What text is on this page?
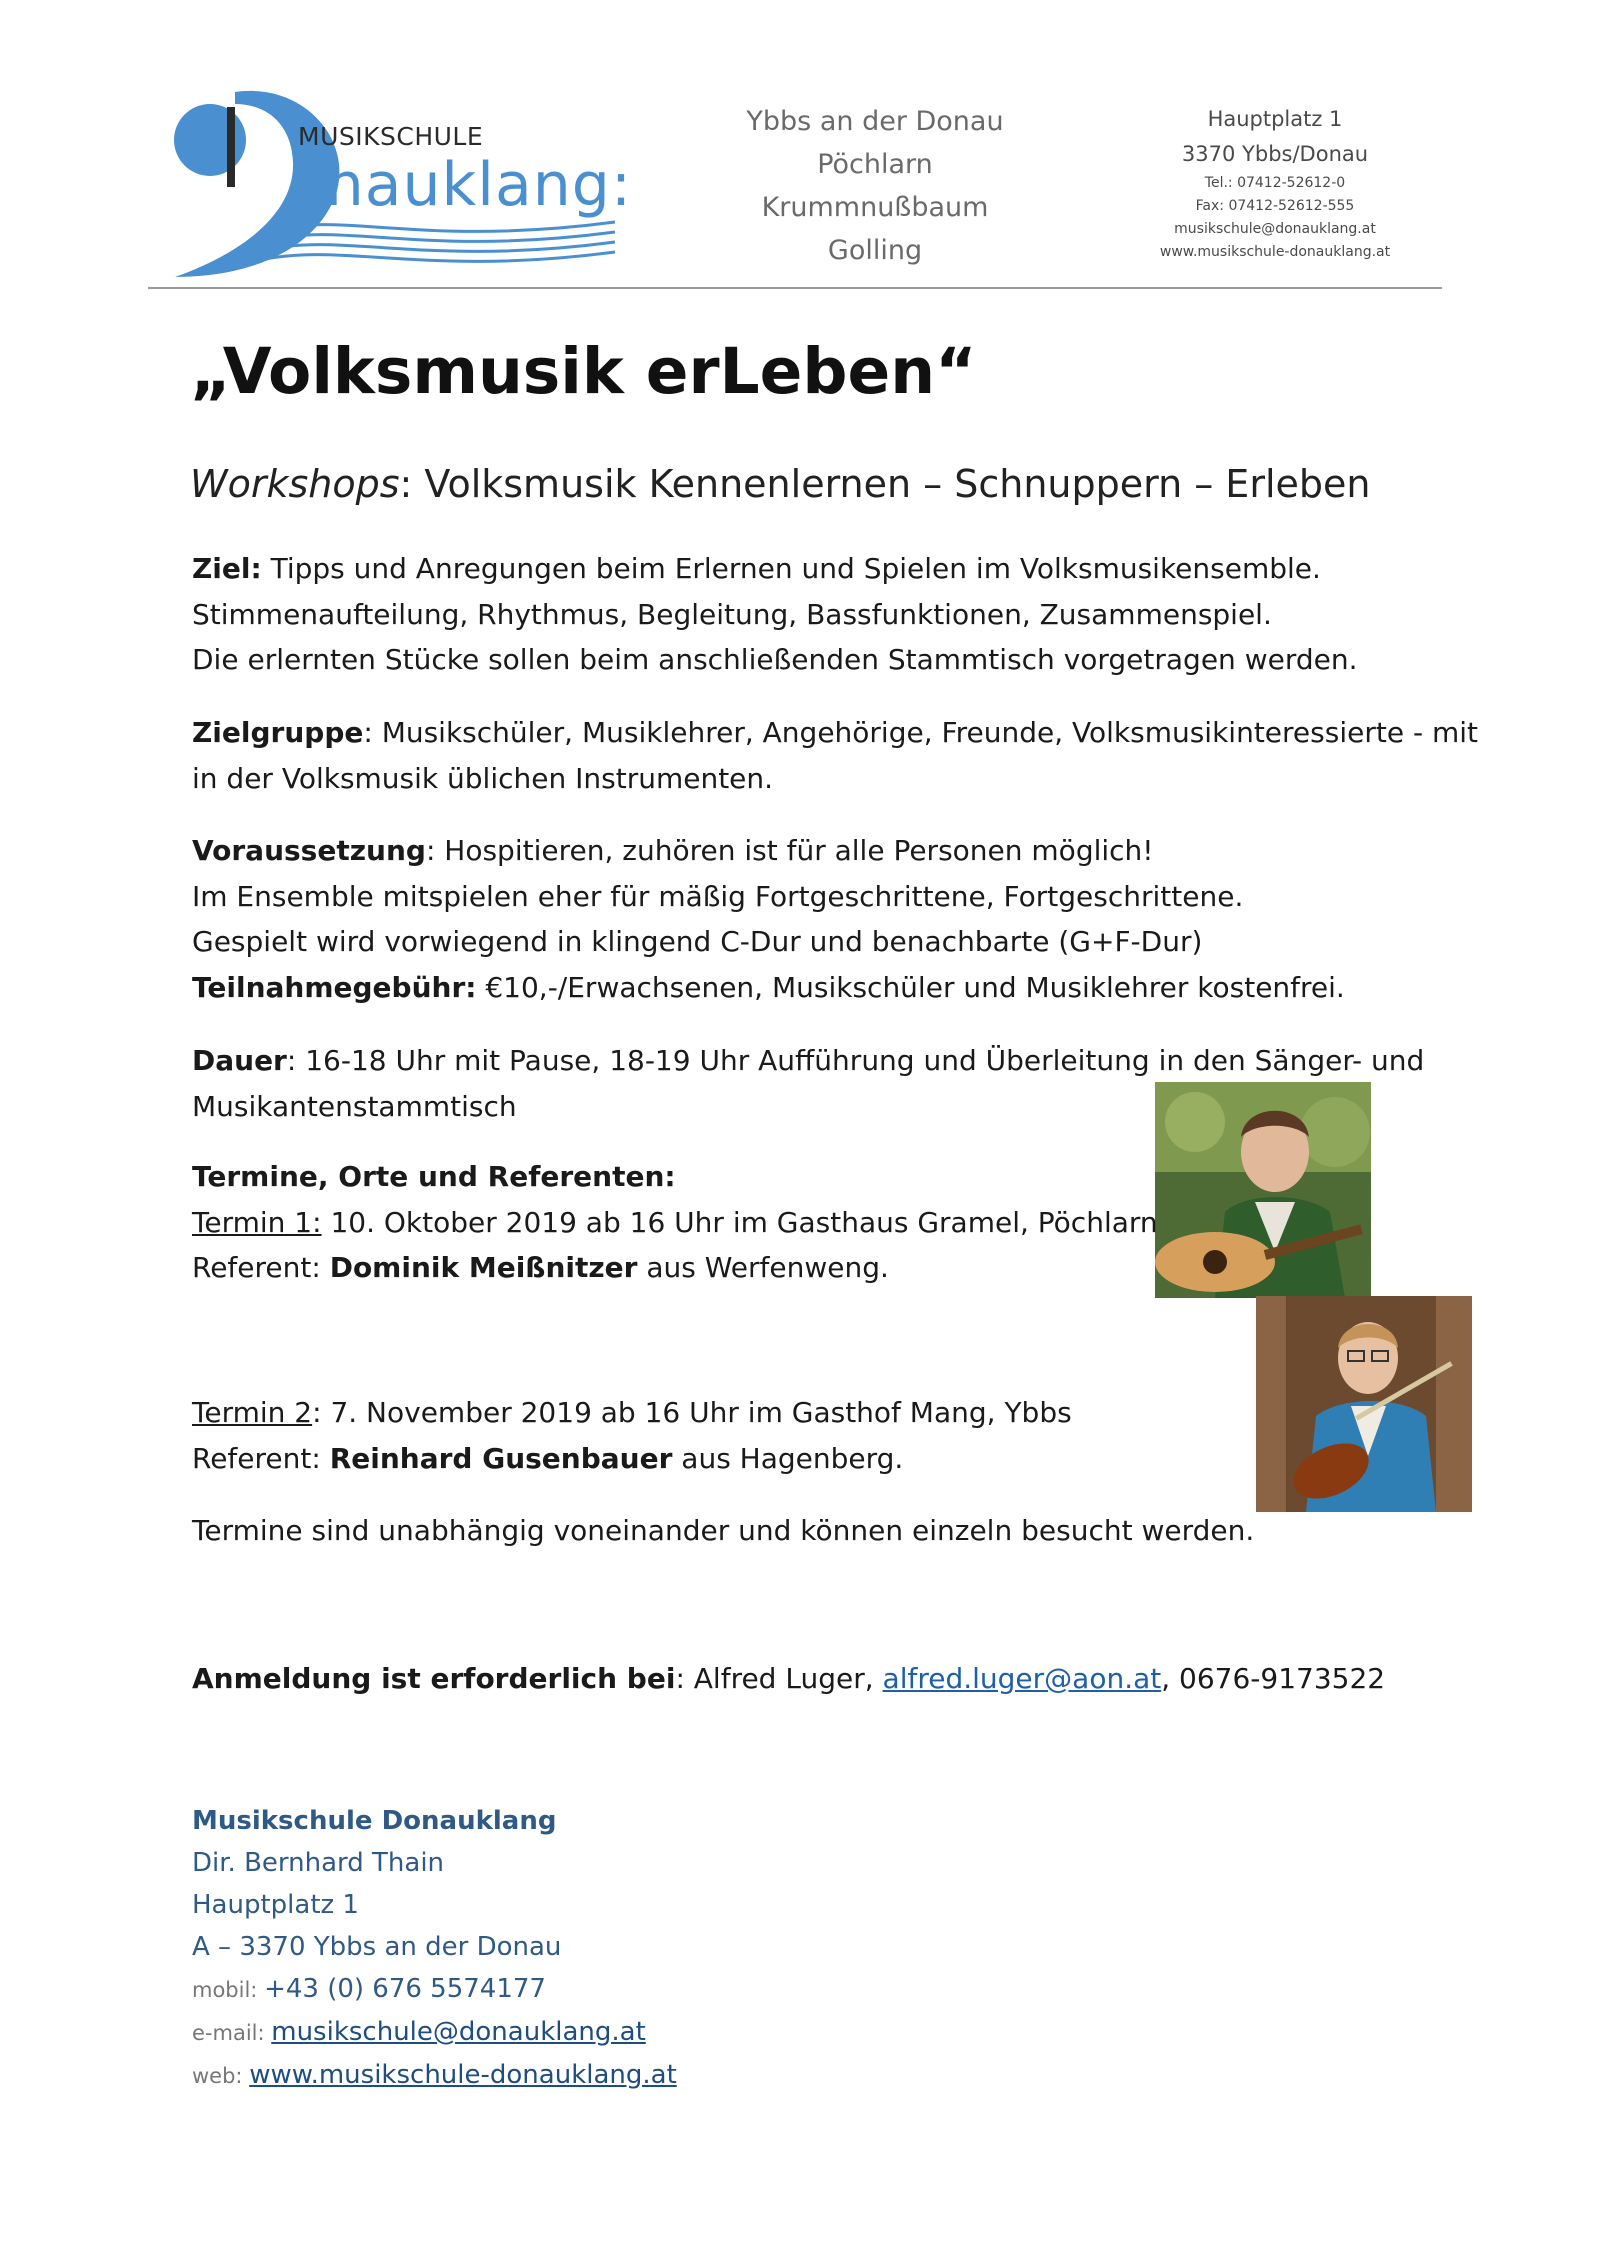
MUSIKSCHULE
onauklang:
Ybbs an der Donau
Pöchlarn
Krummnußbaum
Golling
Hauptplatz 1
3370 Ybbs/Donau
Tel.: 07412-52612-0
Fax: 07412-52612-555
musikschule@donauklang.at
www.musikschule-donauklang.at
„Volksmusik erLeben“
Workshops: Volksmusik Kennenlernen – Schnuppern – Erleben
Ziel: Tipps und Anregungen beim Erlernen und Spielen im Volksmusikensemble.
Stimmenaufteilung, Rhythmus, Begleitung, Bassfunktionen, Zusammenspiel.
Die erlernten Stücke sollen beim anschließenden Stammtisch vorgetragen werden.
Zielgruppe: Musikschüler, Musiklehrer, Angehörige, Freunde, Volksmusikinteressierte - mit
in der Volksmusik üblichen Instrumenten.
Voraussetzung: Hospitieren, zuhören ist für alle Personen möglich!
Im Ensemble mitspielen eher für mäßig Fortgeschrittene, Fortgeschrittene.
Gespielt wird vorwiegend in klingend C-Dur und benachbarte (G+F-Dur)
Teilnahmegebühr: €10,-/Erwachsenen, Musikschüler und Musiklehrer kostenfrei.
Dauer: 16-18 Uhr mit Pause, 18-19 Uhr Aufführung und Überleitung in den Sänger- und
Musikantenstammtisch
Termine, Orte und Referenten:
Termin 1: 10. Oktober 2019 ab 16 Uhr im Gasthaus Gramel, Pöchlarn
Referent: Dominik Meißnitzer aus Werfenweng.
Termin 2: 7. November 2019 ab 16 Uhr im Gasthof Mang, Ybbs
Referent: Reinhard Gusenbauer aus Hagenberg.
Termine sind unabhängig voneinander und können einzeln besucht werden.
Anmeldung ist erforderlich bei: Alfred Luger, alfred.luger@aon.at, 0676-9173522
Musikschule Donauklang
Dir. Bernhard Thain
Hauptplatz 1
A – 3370 Ybbs an der Donau
mobil: +43 (0) 676 5574177
e-mail: musikschule@donauklang.at
web: www.musikschule-donauklang.at
